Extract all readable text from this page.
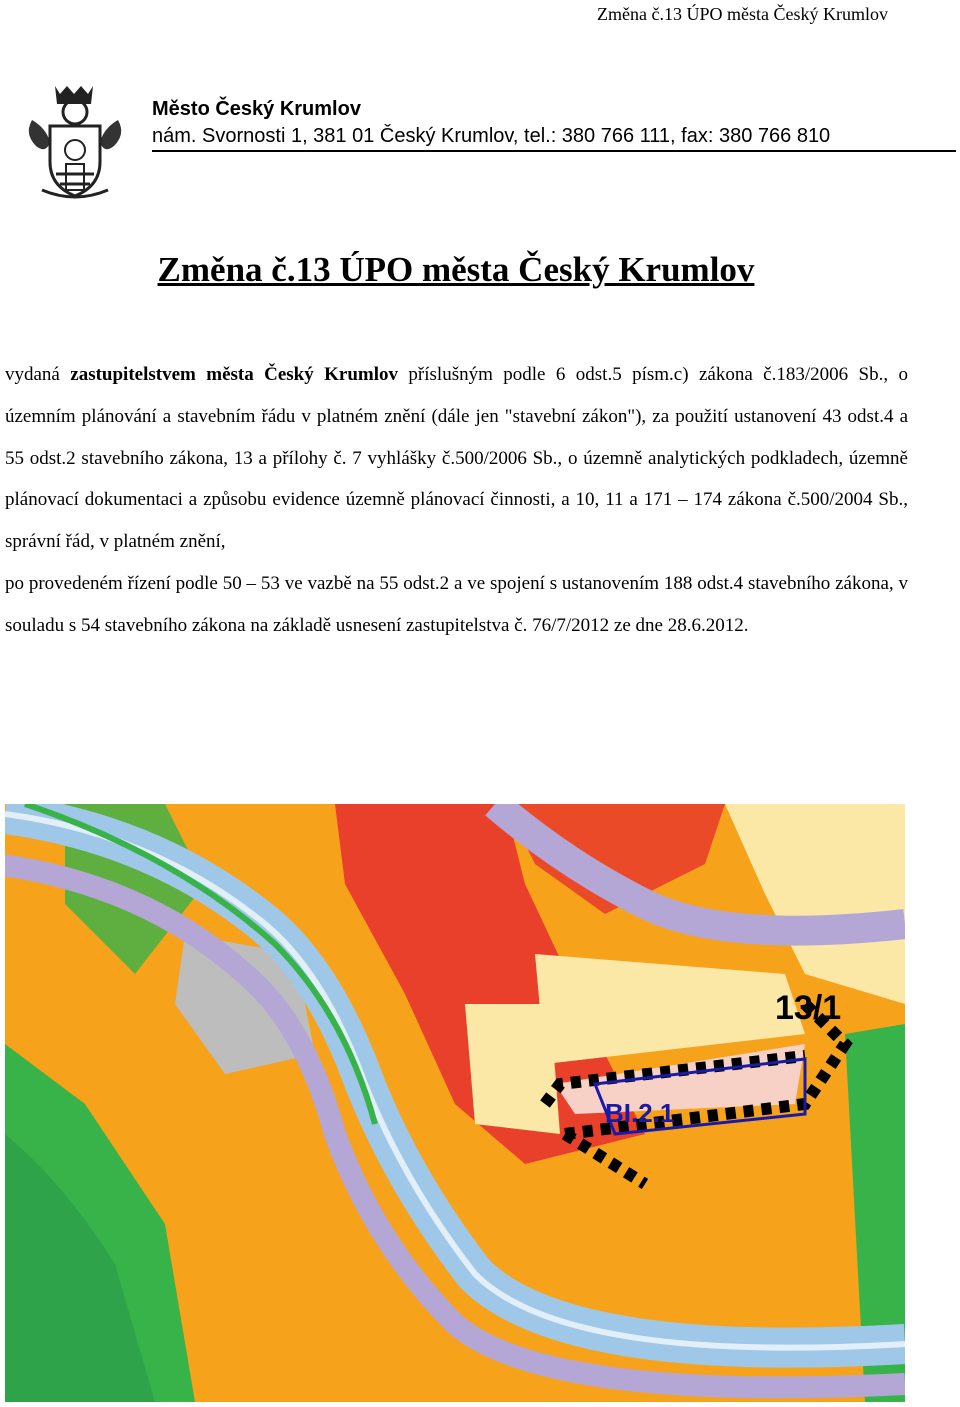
Změna č.13 ÚPO města Český Krumlov
Město Český Krumlov
nám. Svornosti 1, 381 01 Český Krumlov, tel.: 380 766 111, fax: 380 766 810
Změna č.13 ÚPO města Český Krumlov

vydaná zastupitelstvem města Český Krumlov příslušným podle 6 odst.5 písm.c) zákona č.183/2006 Sb., o územním plánování a stavebním řádu v platném znění (dále jen "stavební zákon"), za použití ustanovení 43 odst.4 a 55 odst.2 stavebního zákona, 13 a přílohy č. 7 vyhlášky č.500/2006 Sb., o územně analytických podkladech, územně plánovací dokumentaci a způsobu evidence územně plánovací činnosti, a 10, 11 a 171 – 174 zákona č.500/2004 Sb., správní řád, v platném znění,

po provedeném řízení podle 50 – 53 ve vazbě na 55 odst.2 a ve spojení s ustanovením 188 odst.4 stavebního zákona, v souladu s 54 stavebního zákona na základě usnesení zastupitelstva č. 76/7/2012 ze dne 28.6.2012.

13/1
BI.2.1
